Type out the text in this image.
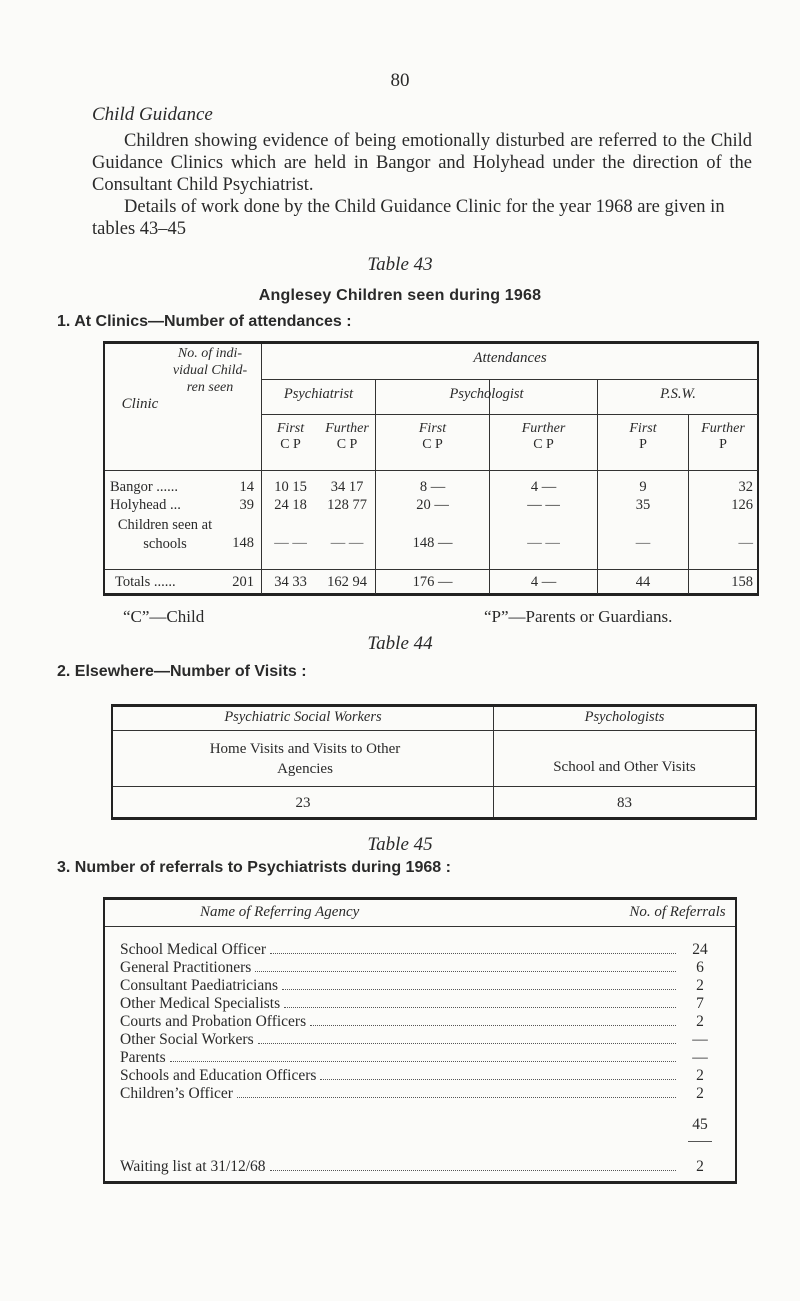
80
Child Guidance
Children showing evidence of being emotionally disturbed are referred to the Child Guidance Clinics which are held in Bangor and Holyhead under the direction of the Consultant Child Psychiatrist.
Details of work done by the Child Guidance Clinic for the year 1968 are given in tables 43–45
Table 43
Anglesey Children seen during 1968
1. At Clinics—Number of attendances :
Clinic
No. of indi- vidual Child- ren seen
Attendances
Psychiatrist	Psychologist	P.S.W.
First
C P
Further
C P
First
C P
Further
C P
First
P
Further
P
Bangor ......	14	10 15	34 17	8 —	4 —	9	32
Holyhead ...	39	24 18	128 77	20 —	— —	35	126
Children seen at schools	148	— —	— —	148 —	— —	—	—
Totals ......	201	34 33	162 94	176 —	4 —	44	158
“C”—Child	“P”—Parents or Guardians.
Table 44
2. Elsewhere—Number of Visits :
Psychiatric Social Workers	Psychologists
Home Visits and Visits to Other Agencies	School and Other Visits
23	83
Table 45
3. Number of referrals to Psychiatrists during 1968 :
Name of Referring Agency	No. of Referrals
School Medical Officer	24
General Practitioners	6
Consultant Paediatricians	2
Other Medical Specialists	7
Courts and Probation Officers	2
Other Social Workers	—
Parents	—
Schools and Education Officers	2
Children’s Officer	2
45
Waiting list at 31/12/68	2
